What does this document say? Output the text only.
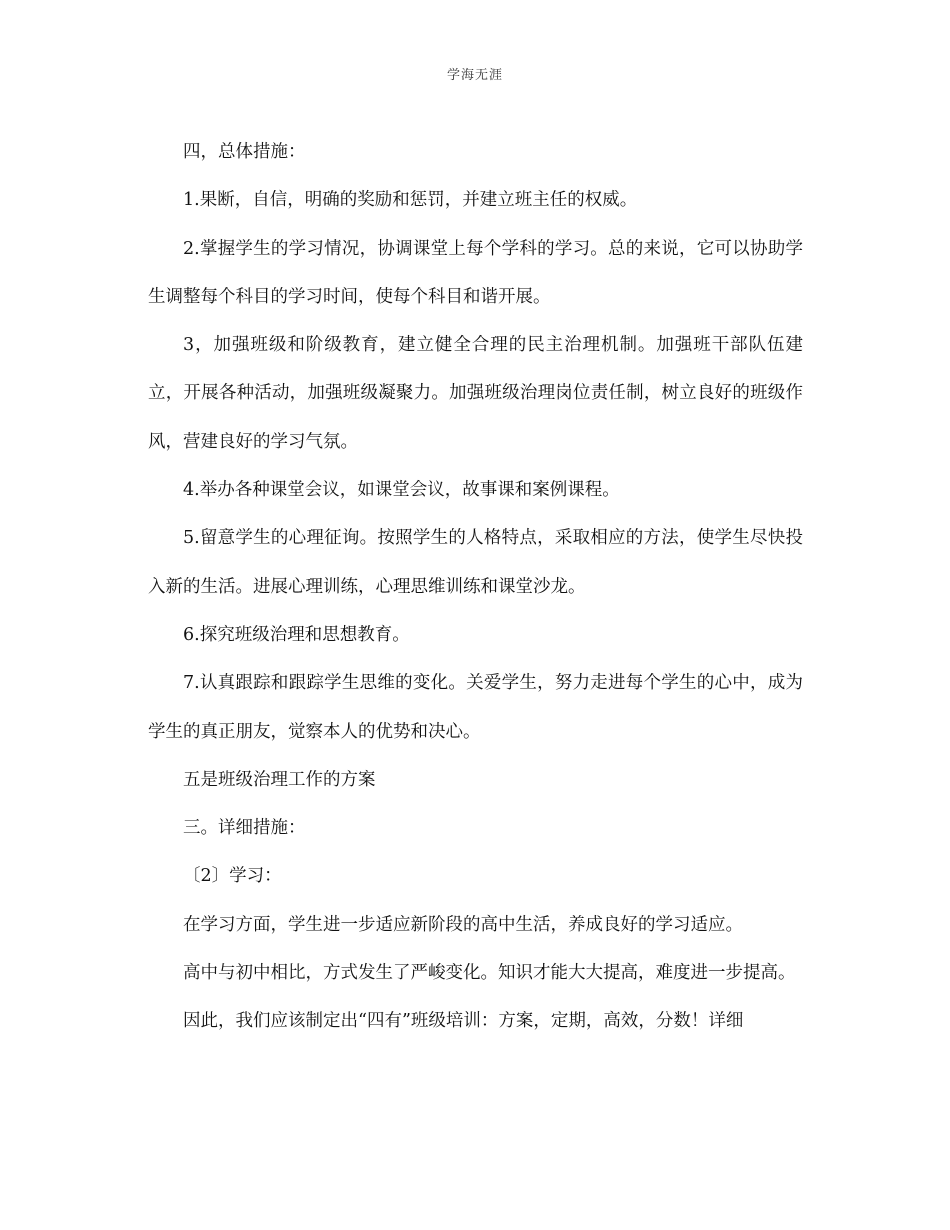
学海无涯

四，总体措施：

1.果断，自信，明确的奖励和惩罚，并建立班主任的权威。

2.掌握学生的学习情况，协调课堂上每个学科的学习。总的来说，它可以协助学生调整每个科目的学习时间，使每个科目和谐开展。

3，加强班级和阶级教育，建立健全合理的民主治理机制。加强班干部队伍建立，开展各种活动，加强班级凝聚力。加强班级治理岗位责任制，树立良好的班级作风，营建良好的学习气氛。

4.举办各种课堂会议，如课堂会议，故事课和案例课程。

5.留意学生的心理征询。按照学生的人格特点，采取相应的方法，使学生尽快投入新的生活。进展心理训练，心理思维训练和课堂沙龙。

6.探究班级治理和思想教育。

7.认真跟踪和跟踪学生思维的变化。关爱学生，努力走进每个学生的心中，成为学生的真正朋友，觉察本人的优势和决心。

五是班级治理工作的方案

三。详细措施：

〔2〕学习：

在学习方面，学生进一步适应新阶段的高中生活，养成良好的学习适应。

高中与初中相比，方式发生了严峻变化。知识才能大大提高，难度进一步提高。

因此，我们应该制定出“四有”班级培训：方案，定期，高效，分数！详细
